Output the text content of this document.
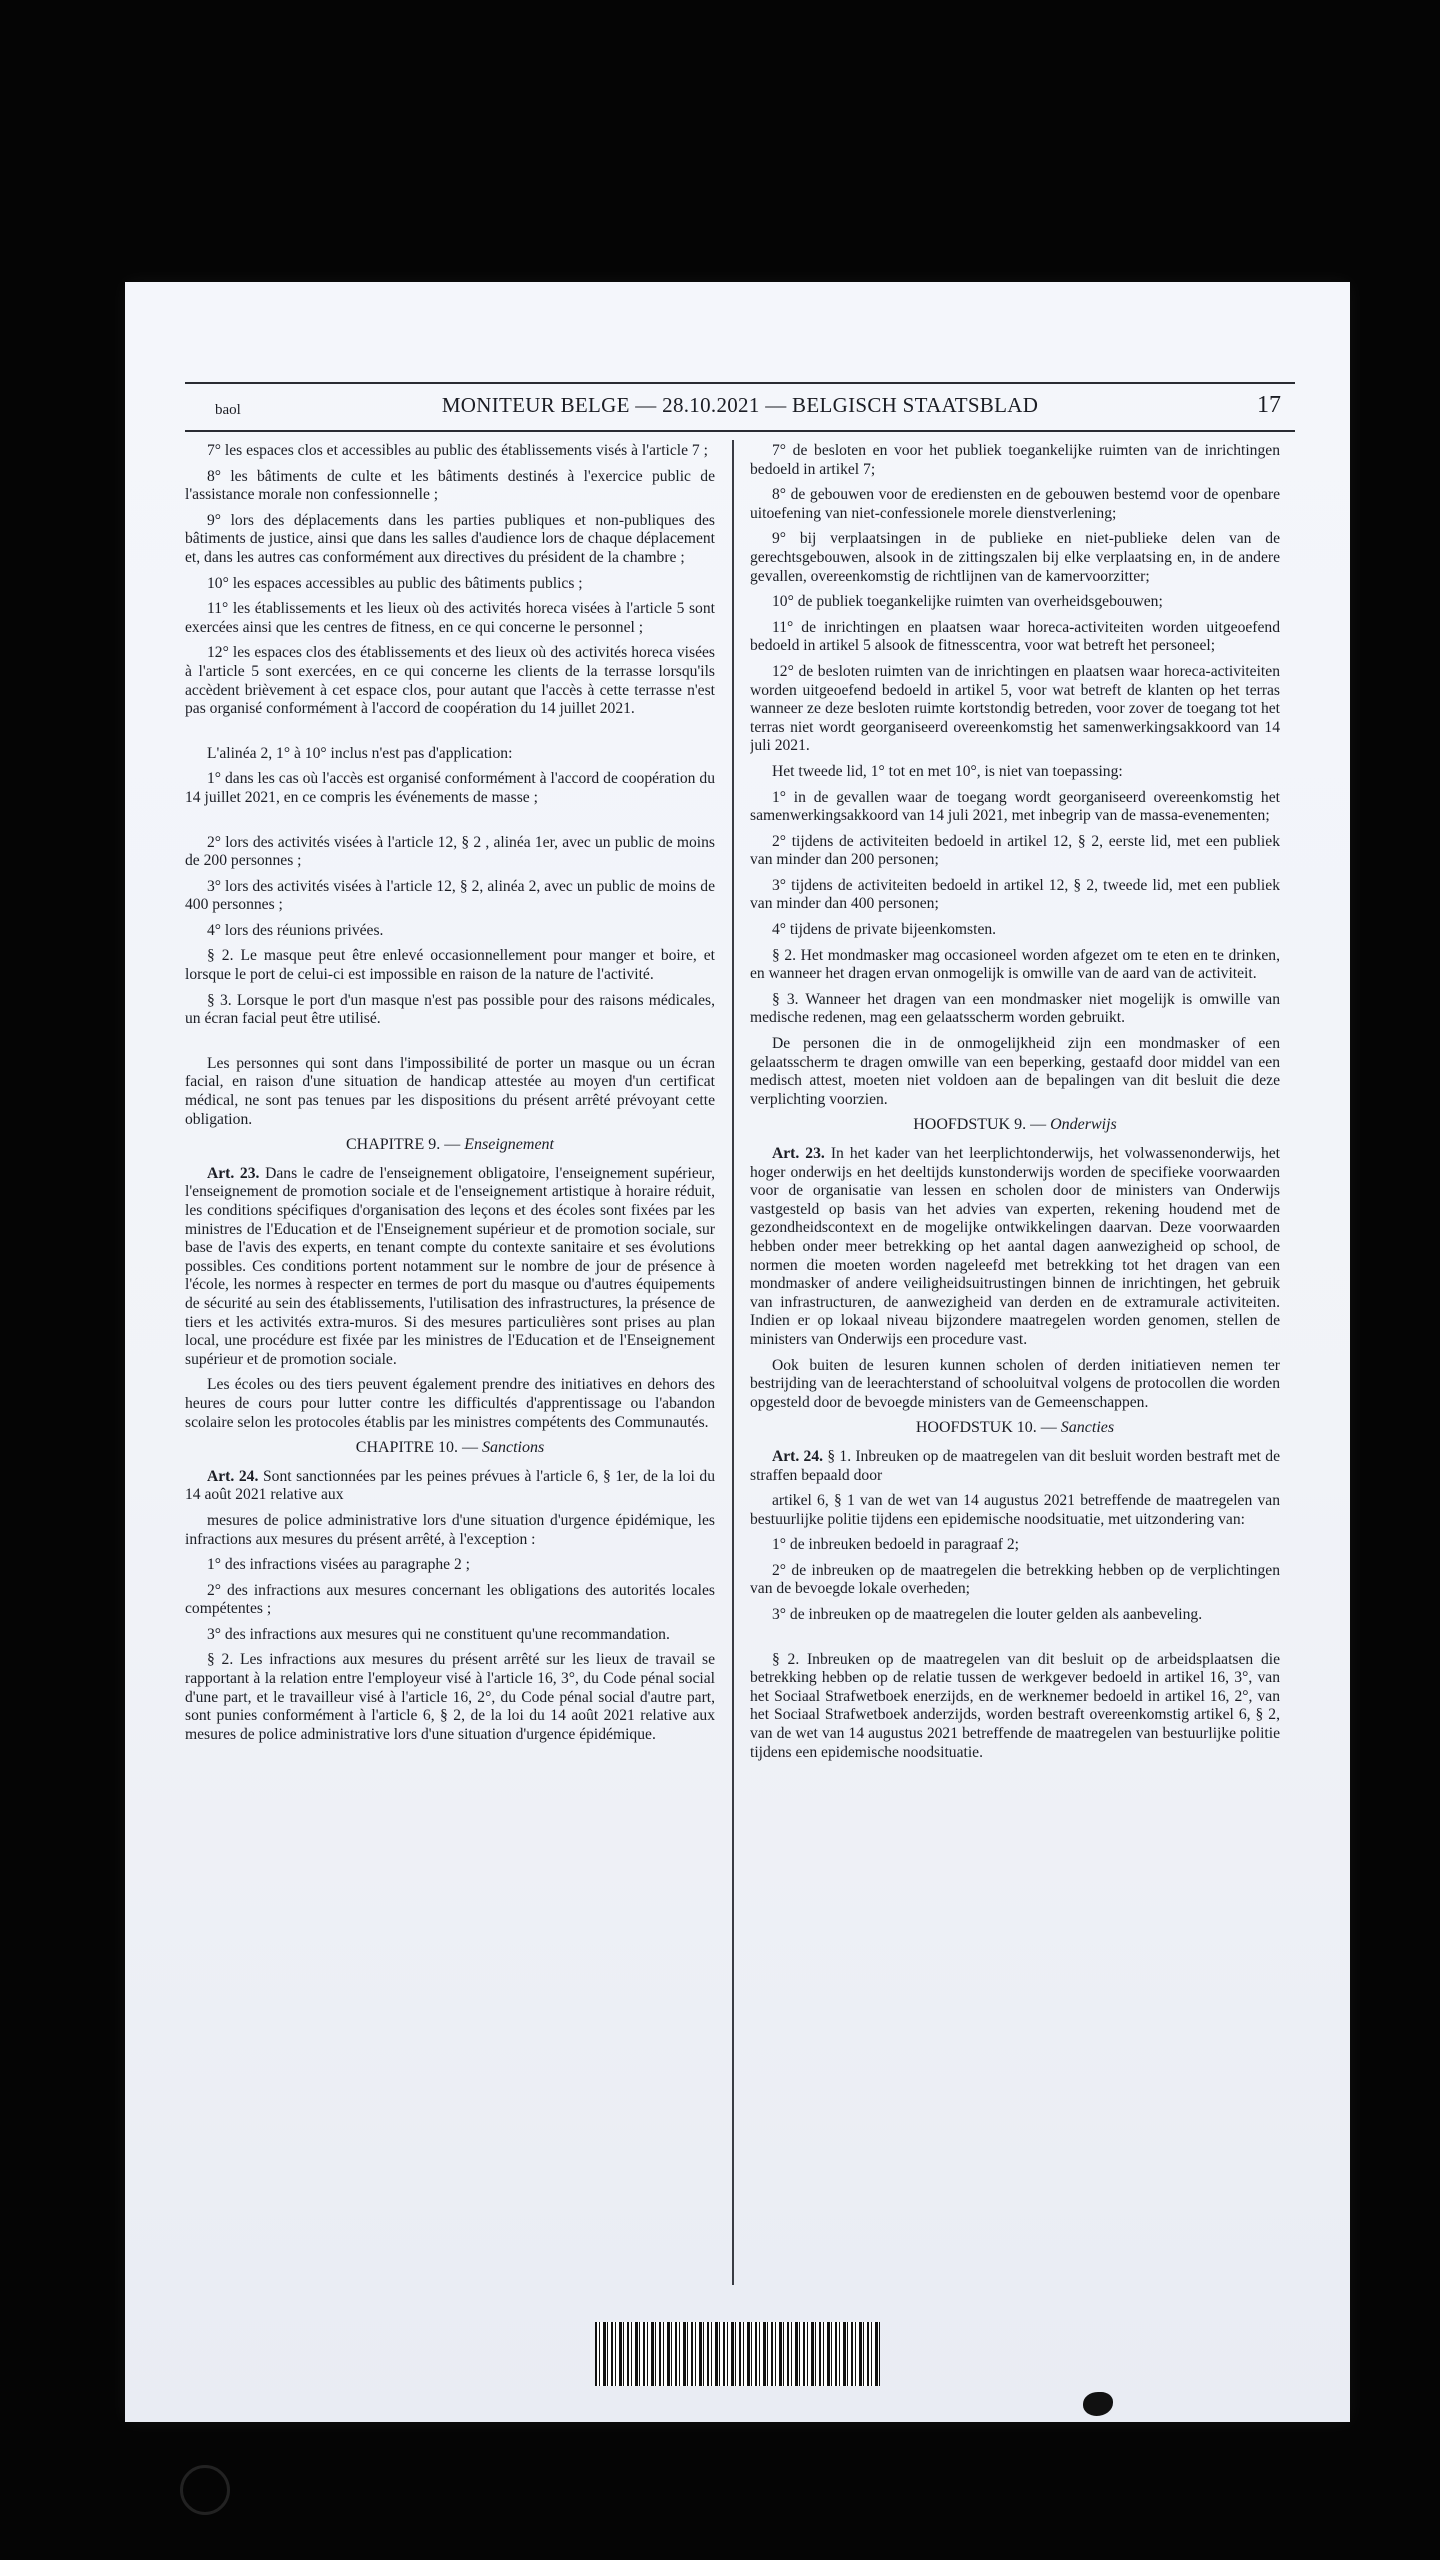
baol	MONITEUR BELGE — 28.10.2021 — BELGISCH STAATSBLAD	17

7° les espaces clos et accessibles au public des établissements visés à l'article 7 ;

8° les bâtiments de culte et les bâtiments destinés à l'exercice public de l'assistance morale non confessionnelle ;

9° lors des déplacements dans les parties publiques et non-publiques des bâtiments de justice, ainsi que dans les salles d'audience lors de chaque déplacement et, dans les autres cas conformément aux directives du président de la chambre ;

10° les espaces accessibles au public des bâtiments publics ;

11° les établissements et les lieux où des activités horeca visées à l'article 5 sont exercées ainsi que les centres de fitness, en ce qui concerne le personnel ;

12° les espaces clos des établissements et des lieux où des activités horeca visées à l'article 5 sont exercées, en ce qui concerne les clients de la terrasse lorsqu'ils accèdent brièvement à cet espace clos, pour autant que l'accès à cette terrasse n'est pas organisé conformément à l'accord de coopération du 14 juillet 2021.

L'alinéa 2, 1° à 10° inclus n'est pas d'application:

1° dans les cas où l'accès est organisé conformément à l'accord de coopération du 14 juillet 2021, en ce compris les événements de masse ;

2° lors des activités visées à l'article 12, § 2 , alinéa 1er, avec un public de moins de 200 personnes ;

3° lors des activités visées à l'article 12, § 2, alinéa 2, avec un public de moins de 400 personnes ;

4° lors des réunions privées.

§ 2. Le masque peut être enlevé occasionnellement pour manger et boire, et lorsque le port de celui-ci est impossible en raison de la nature de l'activité.

§ 3. Lorsque le port d'un masque n'est pas possible pour des raisons médicales, un écran facial peut être utilisé.

Les personnes qui sont dans l'impossibilité de porter un masque ou un écran facial, en raison d'une situation de handicap attestée au moyen d'un certificat médical, ne sont pas tenues par les dispositions du présent arrêté prévoyant cette obligation.

CHAPITRE 9. — Enseignement

Art. 23. Dans le cadre de l'enseignement obligatoire, l'enseignement supérieur, l'enseignement de promotion sociale et de l'enseignement artistique à horaire réduit, les conditions spécifiques d'organisation des leçons et des écoles sont fixées par les ministres de l'Education et de l'Enseignement supérieur et de promotion sociale, sur base de l'avis des experts, en tenant compte du contexte sanitaire et ses évolutions possibles. Ces conditions portent notamment sur le nombre de jour de présence à l'école, les normes à respecter en termes de port du masque ou d'autres équipements de sécurité au sein des établissements, l'utilisation des infrastructures, la présence de tiers et les activités extra-muros. Si des mesures particulières sont prises au plan local, une procédure est fixée par les ministres de l'Education et de l'Enseignement supérieur et de promotion sociale.

Les écoles ou des tiers peuvent également prendre des initiatives en dehors des heures de cours pour lutter contre les difficultés d'apprentissage ou l'abandon scolaire selon les protocoles établis par les ministres compétents des Communautés.

CHAPITRE 10. — Sanctions

Art. 24. Sont sanctionnées par les peines prévues à l'article 6, § 1er, de la loi du 14 août 2021 relative aux

mesures de police administrative lors d'une situation d'urgence épidémique, les infractions aux mesures du présent arrêté, à l'exception :

1° des infractions visées au paragraphe 2 ;

2° des infractions aux mesures concernant les obligations des autorités locales compétentes ;

3° des infractions aux mesures qui ne constituent qu'une recommandation.

§ 2. Les infractions aux mesures du présent arrêté sur les lieux de travail se rapportant à la relation entre l'employeur visé à l'article 16, 3°, du Code pénal social d'une part, et le travailleur visé à l'article 16, 2°, du Code pénal social d'autre part, sont punies conformément à l'article 6, § 2, de la loi du 14 août 2021 relative aux mesures de police administrative lors d'une situation d'urgence épidémique.

7° de besloten en voor het publiek toegankelijke ruimten van de inrichtingen bedoeld in artikel 7;

8° de gebouwen voor de erediensten en de gebouwen bestemd voor de openbare uitoefening van niet-confessionele morele dienstverlening;

9° bij verplaatsingen in de publieke en niet-publieke delen van de gerechtsgebouwen, alsook in de zittingszalen bij elke verplaatsing en, in de andere gevallen, overeenkomstig de richtlijnen van de kamervoorzitter;

10° de publiek toegankelijke ruimten van overheidsgebouwen;

11° de inrichtingen en plaatsen waar horeca-activiteiten worden uitgeoefend bedoeld in artikel 5 alsook de fitnesscentra, voor wat betreft het personeel;

12° de besloten ruimten van de inrichtingen en plaatsen waar horeca-activiteiten worden uitgeoefend bedoeld in artikel 5, voor wat betreft de klanten op het terras wanneer ze deze besloten ruimte kortstondig betreden, voor zover de toegang tot het terras niet wordt georganiseerd overeenkomstig het samenwerkingsakkoord van 14 juli 2021.

Het tweede lid, 1° tot en met 10°, is niet van toepassing:

1° in de gevallen waar de toegang wordt georganiseerd overeenkomstig het samenwerkingsakkoord van 14 juli 2021, met inbegrip van de massa-evenementen;

2° tijdens de activiteiten bedoeld in artikel 12, § 2, eerste lid, met een publiek van minder dan 200 personen;

3° tijdens de activiteiten bedoeld in artikel 12, § 2, tweede lid, met een publiek van minder dan 400 personen;

4° tijdens de private bijeenkomsten.

§ 2. Het mondmasker mag occasioneel worden afgezet om te eten en te drinken, en wanneer het dragen ervan onmogelijk is omwille van de aard van de activiteit.

§ 3. Wanneer het dragen van een mondmasker niet mogelijk is omwille van medische redenen, mag een gelaatsscherm worden gebruikt.

De personen die in de onmogelijkheid zijn een mondmasker of een gelaatsscherm te dragen omwille van een beperking, gestaafd door middel van een medisch attest, moeten niet voldoen aan de bepalingen van dit besluit die deze verplichting voorzien.

HOOFDSTUK 9. — Onderwijs

Art. 23. In het kader van het leerplichtonderwijs, het volwassenonderwijs, het hoger onderwijs en het deeltijds kunstonderwijs worden de specifieke voorwaarden voor de organisatie van lessen en scholen door de ministers van Onderwijs vastgesteld op basis van het advies van experten, rekening houdend met de gezondheidscontext en de mogelijke ontwikkelingen daarvan. Deze voorwaarden hebben onder meer betrekking op het aantal dagen aanwezigheid op school, de normen die moeten worden nageleefd met betrekking tot het dragen van een mondmasker of andere veiligheidsuitrustingen binnen de inrichtingen, het gebruik van infrastructuren, de aanwezigheid van derden en de extramurale activiteiten. Indien er op lokaal niveau bijzondere maatregelen worden genomen, stellen de ministers van Onderwijs een procedure vast.

Ook buiten de lesuren kunnen scholen of derden initiatieven nemen ter bestrijding van de leerachterstand of schooluitval volgens de protocollen die worden opgesteld door de bevoegde ministers van de Gemeenschappen.

HOOFDSTUK 10. — Sancties

Art. 24. § 1. Inbreuken op de maatregelen van dit besluit worden bestraft met de straffen bepaald door

artikel 6, § 1 van de wet van 14 augustus 2021 betreffende de maatregelen van bestuurlijke politie tijdens een epidemische noodsituatie, met uitzondering van:

1° de inbreuken bedoeld in paragraaf 2;

2° de inbreuken op de maatregelen die betrekking hebben op de verplichtingen van de bevoegde lokale overheden;

3° de inbreuken op de maatregelen die louter gelden als aanbeveling.

§ 2. Inbreuken op de maatregelen van dit besluit op de arbeidsplaatsen die betrekking hebben op de relatie tussen de werkgever bedoeld in artikel 16, 3°, van het Sociaal Strafwetboek enerzijds, en de werknemer bedoeld in artikel 16, 2°, van het Sociaal Strafwetboek anderzijds, worden bestraft overeenkomstig artikel 6, § 2, van de wet van 14 augustus 2021 betreffende de maatregelen van bestuurlijke politie tijdens een epidemische noodsituatie.
